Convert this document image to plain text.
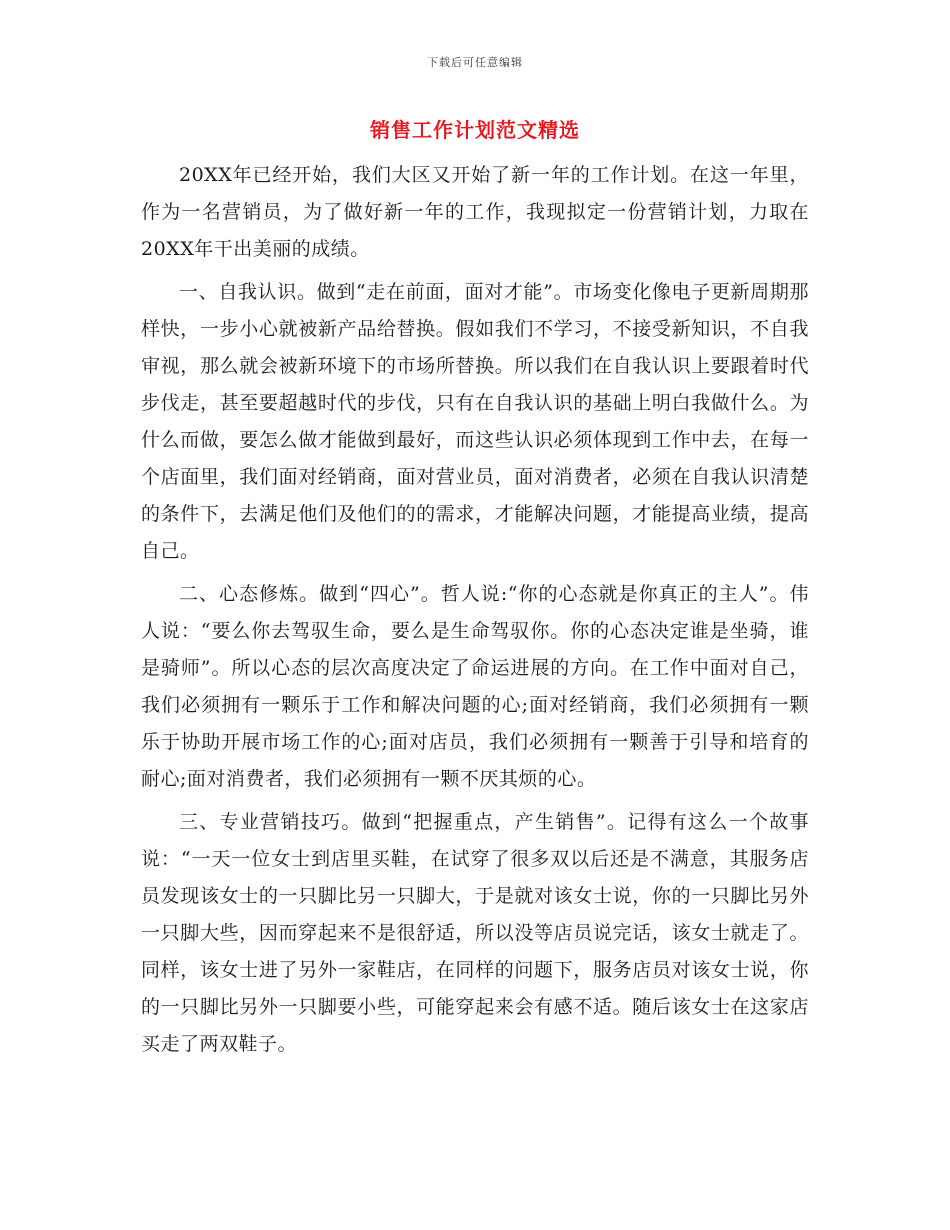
下载后可任意编辑
销售工作计划范文精选

20XX年已经开始，我们大区又开始了新一年的工作计划。在这一年里，作为一名营销员，为了做好新一年的工作，我现拟定一份营销计划，力取在20XX年干出美丽的成绩。

一、自我认识。做到“走在前面，面对才能”。市场变化像电子更新周期那样快，一步小心就被新产品给替换。假如我们不学习，不接受新知识，不自我审视，那么就会被新环境下的市场所替换。所以我们在自我认识上要跟着时代步伐走，甚至要超越时代的步伐，只有在自我认识的基础上明白我做什么。为什么而做，要怎么做才能做到最好，而这些认识必须体现到工作中去，在每一个店面里，我们面对经销商，面对营业员，面对消费者，必须在自我认识清楚的条件下，去满足他们及他们的的需求，才能解决问题，才能提高业绩，提高自己。

二、心态修炼。做到“四心”。哲人说:“你的心态就是你真正的主人”。伟人说：“要么你去驾驭生命，要么是生命驾驭你。你的心态决定谁是坐骑，谁是骑师”。所以心态的层次高度决定了命运进展的方向。在工作中面对自己，我们必须拥有一颗乐于工作和解决问题的心;面对经销商，我们必须拥有一颗乐于协助开展市场工作的心;面对店员，我们必须拥有一颗善于引导和培育的耐心;面对消费者，我们必须拥有一颗不厌其烦的心。

三、专业营销技巧。做到“把握重点，产生销售”。记得有这么一个故事说：“一天一位女士到店里买鞋，在试穿了很多双以后还是不满意，其服务店员发现该女士的一只脚比另一只脚大，于是就对该女士说，你的一只脚比另外一只脚大些，因而穿起来不是很舒适，所以没等店员说完话，该女士就走了。同样，该女士进了另外一家鞋店，在同样的问题下，服务店员对该女士说，你的一只脚比另外一只脚要小些，可能穿起来会有感不适。随后该女士在这家店买走了两双鞋子。
